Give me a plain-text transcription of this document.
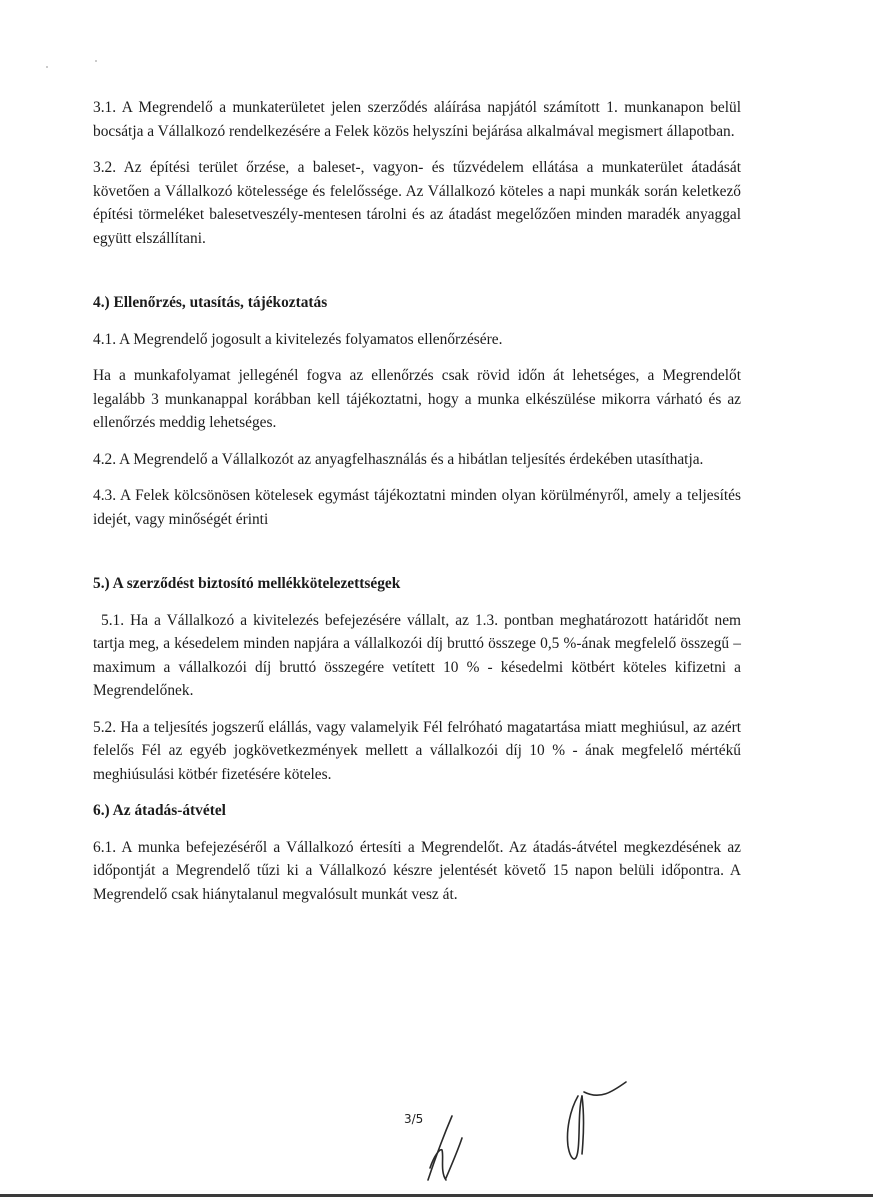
3.1. A Megrendelő a munkaterületet jelen szerződés aláírása napjától számított 1. munkanapon belül bocsátja a Vállalkozó rendelkezésére a Felek közös helyszíni bejárása alkalmával megismert állapotban.

3.2. Az építési terület őrzése, a baleset-, vagyon- és tűzvédelem ellátása a munkaterület átadását követően a Vállalkozó kötelessége és felelőssége. Az Vállalkozó köteles a napi munkák során keletkező építési törmeléket balesetveszély-mentesen tárolni és az átadást megelőzően minden maradék anyaggal együtt elszállítani.

4.) Ellenőrzés, utasítás, tájékoztatás

4.1. A Megrendelő jogosult a kivitelezés folyamatos ellenőrzésére.

Ha a munkafolyamat jellegénél fogva az ellenőrzés csak rövid időn át lehetséges, a Megrendelőt legalább 3 munkanappal korábban kell tájékoztatni, hogy a munka elkészülése mikorra várható és az ellenőrzés meddig lehetséges.

4.2. A Megrendelő a Vállalkozót az anyagfelhasználás és a hibátlan teljesítés érdekében utasíthatja.

4.3. A Felek kölcsönösen kötelesek egymást tájékoztatni minden olyan körülményről, amely a teljesítés idejét, vagy minőségét érinti

5.) A szerződést biztosító mellékkötelezettségek

5.1. Ha a Vállalkozó a kivitelezés befejezésére vállalt, az 1.3. pontban meghatározott határidőt nem tartja meg, a késedelem minden napjára a vállalkozói díj bruttó összege 0,5 %-ának megfelelő összegű – maximum a vállalkozói díj bruttó összegére vetített 10 % - késedelmi kötbért köteles kifizetni a Megrendelőnek.

5.2. Ha a teljesítés jogszerű elállás, vagy valamelyik Fél felróható magatartása miatt meghiúsul, az azért felelős Fél az egyéb jogkövetkezmények mellett a vállalkozói díj 10 % - ának megfelelő mértékű meghiúsulási kötbér fizetésére köteles.

6.) Az átadás-átvétel

6.1. A munka befejezéséről a Vállalkozó értesíti a Megrendelőt. Az átadás-átvétel megkezdésének az időpontját a Megrendelő tűzi ki a Vállalkozó készre jelentését követő 15 napon belüli időpontra. A Megrendelő csak hiánytalanul megvalósult munkát vesz át.

3/5
